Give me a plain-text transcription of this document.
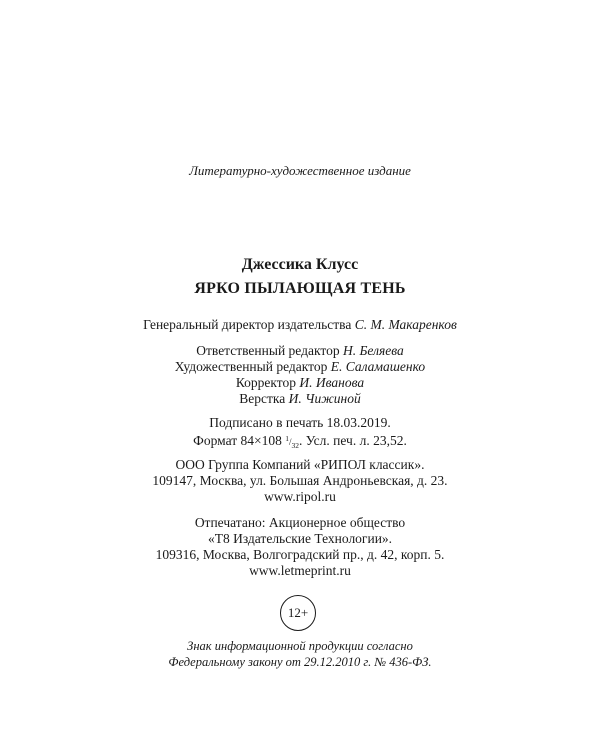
Литературно-художественное издание
Джессика Клусс
ЯРКО ПЫЛАЮЩАЯ ТЕНЬ
Генеральный директор издательства С. М. Макаренков
Ответственный редактор Н. Беляева
Художественный редактор Е. Саламашенко
Корректор И. Иванова
Верстка И. Чижиной
Подписано в печать 18.03.2019.
Формат 84×108 $^1/_{32}$. Усл. печ. л. 23,52.
ООО Группа Компаний «РИПОЛ классик».
109147, Москва, ул. Большая Андроньевская, д. 23.
www.ripol.ru
Отпечатано: Акционерное общество
«Т8 Издательские Технологии».
109316, Москва, Волгоградский пр., д. 42, корп. 5.
www.letmeprint.ru
12+
Знак информационной продукции согласно
Федеральному закону от 29.12.2010 г. № 436-ФЗ.
